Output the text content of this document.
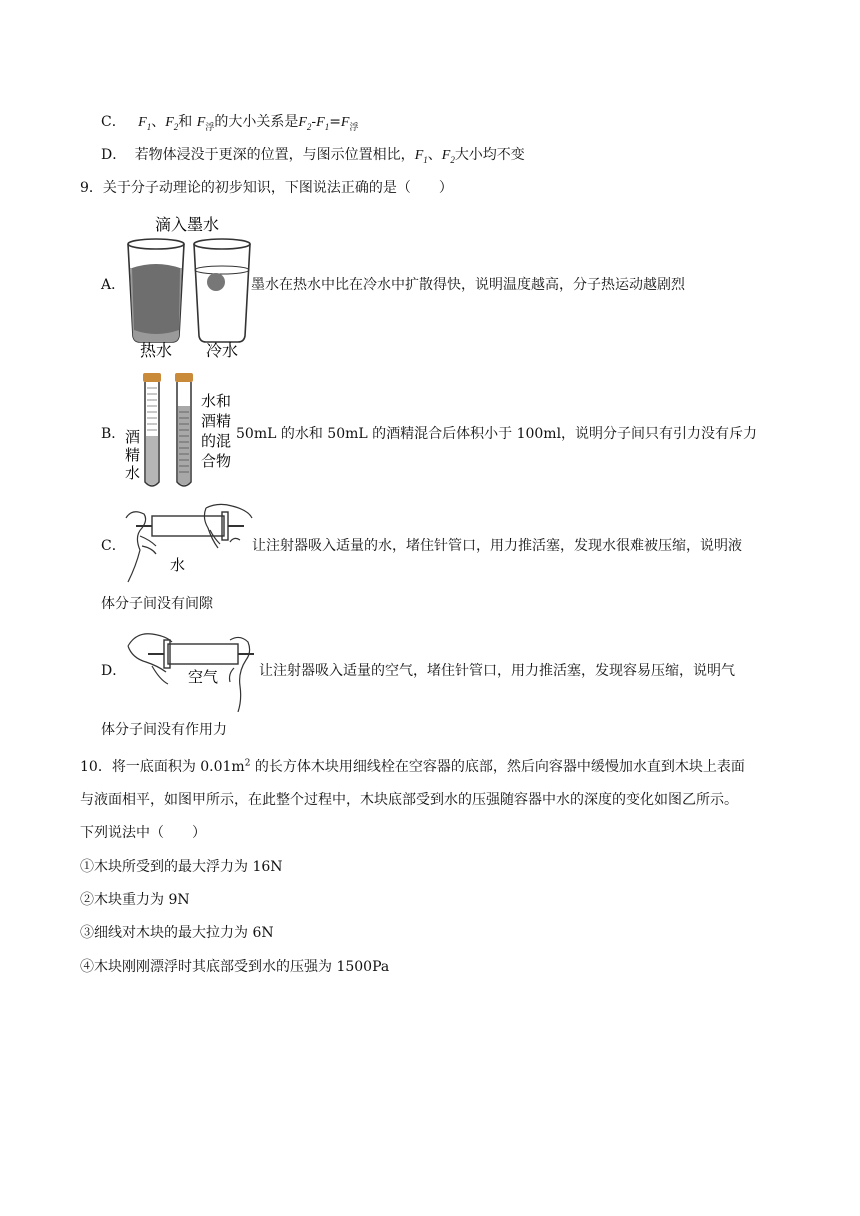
C． $F_1$、$F_2$和 $F_浮$的大小关系是$F_2-F_1=F_浮$
D． 若物体浸没于更深的位置，与图示位置相比，$F_1$、$F_2$大小均不变
9．关于分子动理论的初步知识，下图说法正确的是（　　）
A．
滴入墨水
热水 冷水
墨水在热水中比在冷水中扩散得快，说明温度越高，分子热运动越剧烈
B． 酒
精
水
水和
酒精
的混
合物
50mL 的水和 50mL 的酒精混合后体积小于 100ml，说明分子间只有引力没有斥力
C．
水
让注射器吸入适量的水，堵住针管口，用力推活塞，发现水很难被压缩，说明液
体分子间没有间隙
D．	空气	让注射器吸入适量的空气，堵住针管口，用力推活塞，发现容易压缩，说明气
体分子间没有作用力
10．将一底面积为 $0.01m^2$ 的长方体木块用细线栓在空容器的底部，然后向容器中缓慢加水直到木块上表面
与液面相平，如图甲所示，在此整个过程中，木块底部受到水的压强随容器中水的深度的变化如图乙所示。
下列说法中（　　）
①木块所受到的最大浮力为 16N
②木块重力为 9N
③细线对木块的最大拉力为 6N
④木块刚刚漂浮时其底部受到水的压强为 1500Pa
